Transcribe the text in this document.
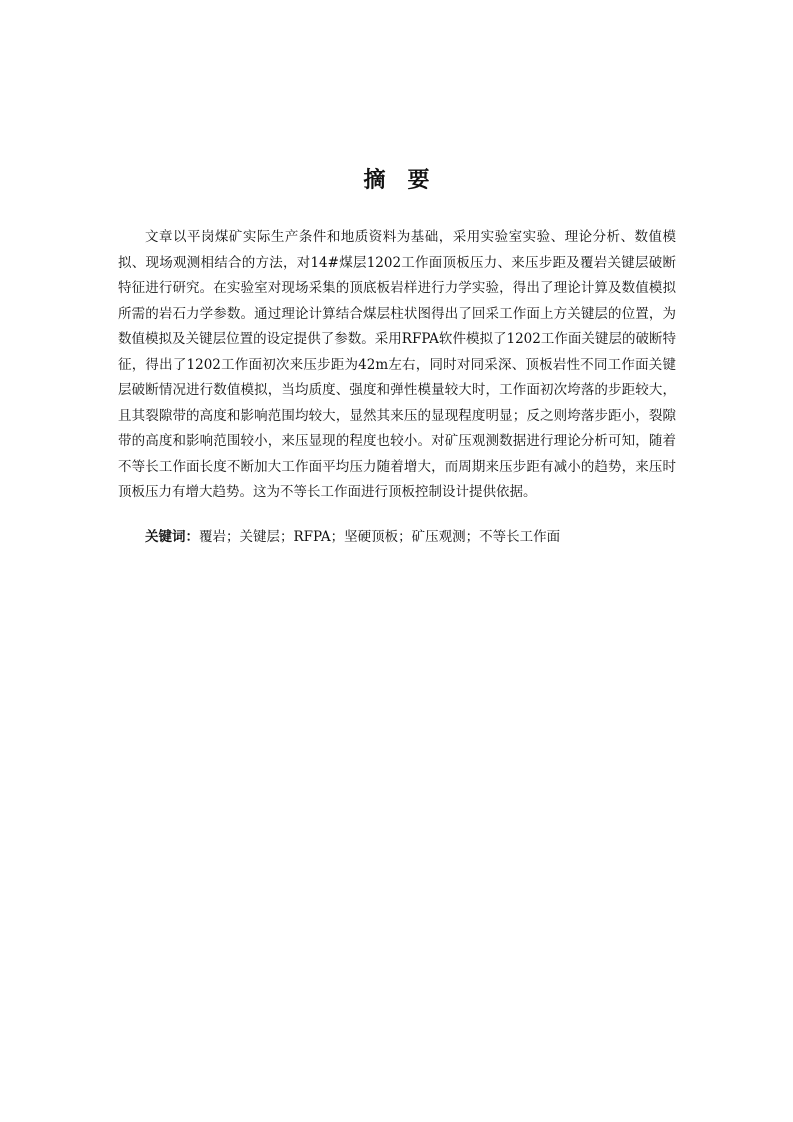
摘 要

文章以平岗煤矿实际生产条件和地质资料为基础，采用实验室实验、理论分析、数值模拟、现场观测相结合的方法，对14#煤层1202工作面顶板压力、来压步距及覆岩关键层破断特征进行研究。在实验室对现场采集的顶底板岩样进行力学实验，得出了理论计算及数值模拟所需的岩石力学参数。通过理论计算结合煤层柱状图得出了回采工作面上方关键层的位置，为数值模拟及关键层位置的设定提供了参数。采用RFPA软件模拟了1202工作面关键层的破断特征，得出了1202工作面初次来压步距为42m左右，同时对同采深、顶板岩性不同工作面关键层破断情况进行数值模拟，当均质度、强度和弹性模量较大时，工作面初次垮落的步距较大，且其裂隙带的高度和影响范围均较大，显然其来压的显现程度明显；反之则垮落步距小，裂隙带的高度和影响范围较小，来压显现的程度也较小。对矿压观测数据进行理论分析可知，随着不等长工作面长度不断加大工作面平均压力随着增大，而周期来压步距有减小的趋势，来压时顶板压力有增大趋势。这为不等长工作面进行顶板控制设计提供依据。

关键词：覆岩；关键层；RFPA；坚硬顶板；矿压观测；不等长工作面
